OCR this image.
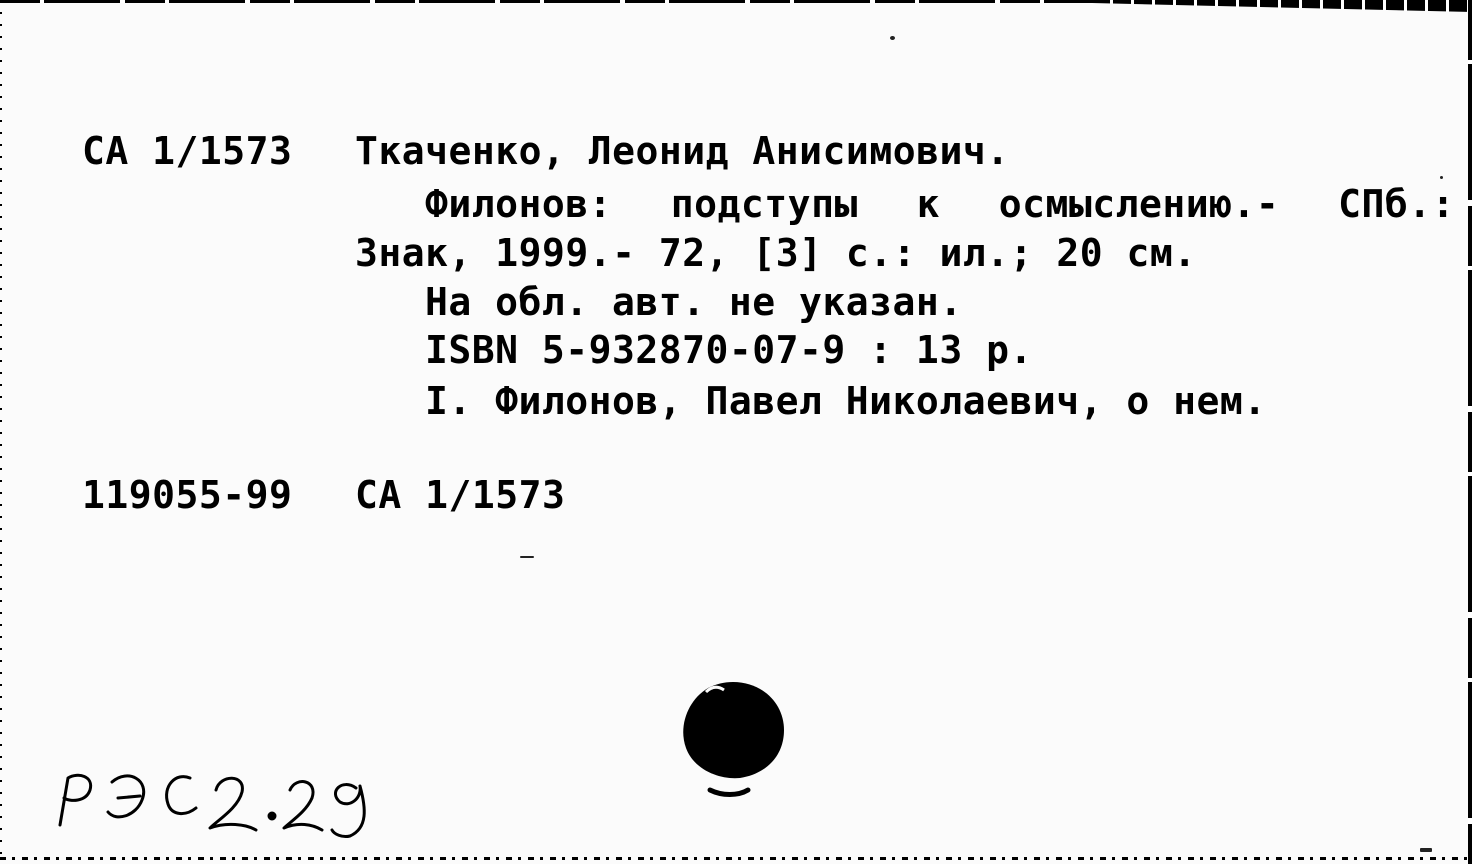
СА 1/1573 Ткаченко, Леонид Анисимович.
Филонов: подступы к осмыслению.- СПб.:
Знак, 1999.- 72, [3] с.: ил.; 20 см.
На обл. авт. не указан.
ISBN 5-932870-07-9 : 13 р.
I. Филонов, Павел Николаевич, о нем.
119055-99 СА 1/1573
